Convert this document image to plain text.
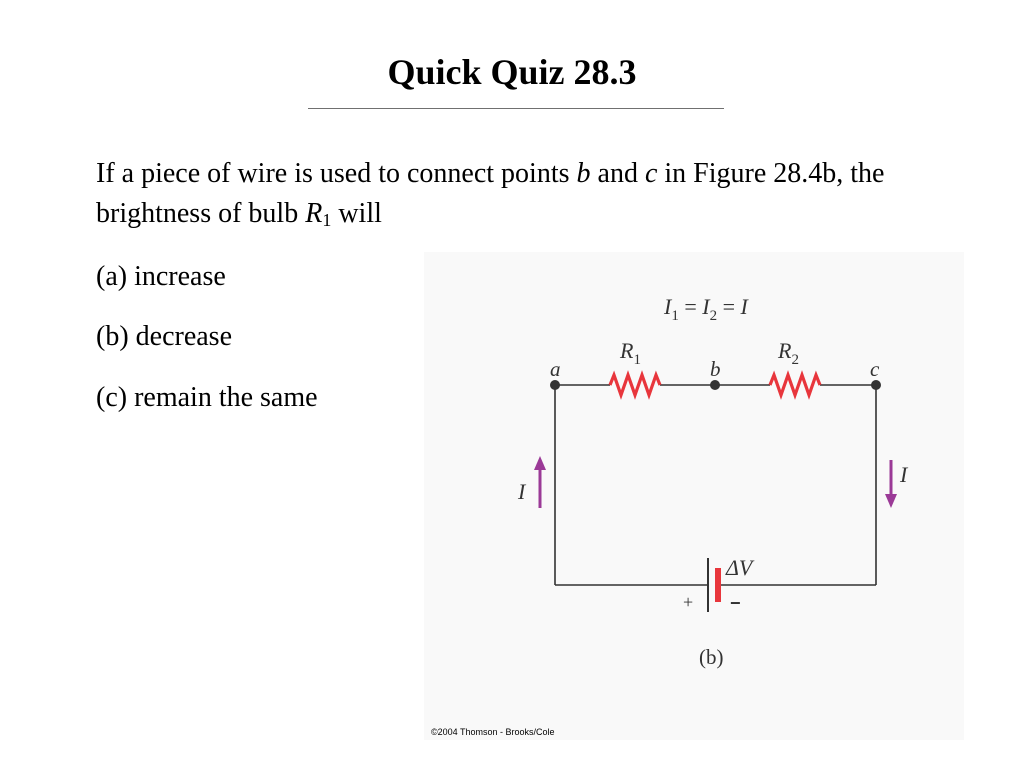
Quick Quiz 28.3
If a piece of wire is used to connect points b and c in Figure 28.4b, the brightness of bulb $R_1$ will
(a) increase
(b) decrease
(c) remain the same
$I_1 = I_2 = I$
$R_1$	$R_2$
a	b	c
I
I
ΔV
+ −
(b)
©2004 Thomson - Brooks/Cole
